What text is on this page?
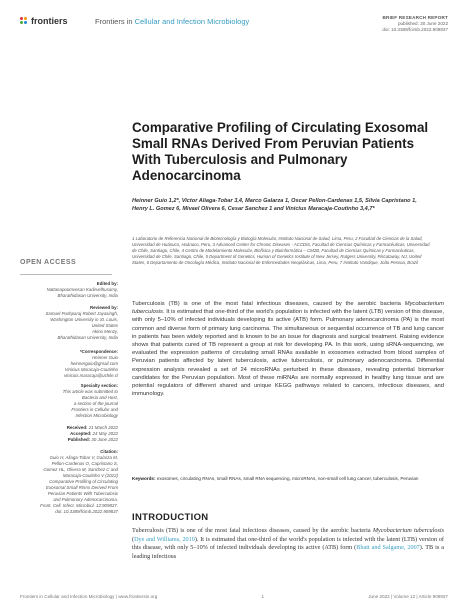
frontiers	Frontiers in Cellular and Infection Microbiology	BRIEF RESEARCH REPORT
published: 30 June 2022
doi: 10.3389/fcimb.2022.909837
Comparative Profiling of Circulating Exosomal Small RNAs Derived From Peruvian Patients With Tuberculosis and Pulmonary Adenocarcinoma
Heinner Guio 1,2*, Victor Aliaga-Tobar 3,4, Marco Galarza 1, Oscar Pellon-Cardenas 1,5, Silvia Capristano 1, Henry L. Gomez 6, Mivael Olivera 6, Cesar Sanchez 1 and Vinicius Maracaja-Coutinho 3,4,7*
1 Laboratorio de Referencia Nacional de Biotecnología y Biología Molecular, Instituto Nacional de Salud, Lima, Peru, 2 Facultad de Ciencias de la Salud, Universidad de Huánuco, Huánuco, Peru, 3 Advanced Center for Chronic Diseases - ACCDiS, Facultad de Ciencias Químicas y Farmacéuticas, Universidad de Chile, Santiago, Chile, 4 Centro de Modelamiento Molecular, Biofísica y Bioinformática – CM2B, Facultad de Ciencias Químicas y Farmacéuticas, Universidad de Chile, Santiago, Chile, 5 Department of Genetics, Human of Genetics Institute of New Jersey, Rutgers University, Piscataway, NJ, United States, 6 Departamento de Oncología Médica, Instituto Nacional de Enfermedades Neoplásicas, Lima, Peru, 7 Instituto Vandique, João Pessoa, Brazil
OPEN ACCESS
Edited by:
Nattanapoomvesan Kadirvelhusamy,
Bharathidasan University, India
Reviewed by:
Samuel Pushparaj Robert Jayasingh,
Washington University in St. Louis,
United States
Akino Menzy,
Bharathidasan University, India
*Correspondence:
Heinner Guio
heinnerguio@gmail.com
Vinicius Maracaja-Coutinho
vinicius.maracaja@uchile.cl
Specialty section:
This article was submitted to
Bacteria and Host,
a section of the journal
Frontiers in Cellular and
Infection Microbiology
Received: 21 March 2022
Accepted: 24 May 2022
Published: 30 June 2022
Citation:
Guio H, Aliaga-Tobar V, Galarza M,
Pellon-Cardenas O, Capristano S,
Gomez HL, Olivera M, Sanchez C and
Maracaja-Coutinho V (2022)
Comparative Profiling of Circulating
Exosomal Small RNAs Derived From
Peruvian Patients With Tuberculosis
and Pulmonary Adenocarcinoma.
Front. Cell. Infect. Microbiol. 12:909837.
doi: 10.3389/fcimb.2022.909837
Tuberculosis (TB) is one of the most fatal infectious diseases, caused by the aerobic bacteria Mycobacterium tuberculosis. It is estimated that one-third of the world's population is infected with the latent (LTB) version of this disease, with only 5–10% of infected individuals developing its active (ATB) form. Pulmonary adenocarcinoma (PA) is the most common and diverse form of primary lung carcinoma. The simultaneous or sequential occurrence of TB and lung cancer in patients has been widely reported and is known to be an issue for diagnosis and surgical treatment. Raising evidence shows that patients cured of TB represent a group at risk for developing PA. In this work, using sRNA-sequencing, we evaluated the expression patterns of circulating small RNAs available in exosomes extracted from blood samples of Peruvian patients affected by latent tuberculosis, active tuberculosis, or pulmonary adenocarcinoma. Differential expression analysis revealed a set of 24 microRNAs perturbed in these diseases, revealing potential biomarker candidates for the Peruvian population. Most of these miRNAs are normally expressed in healthy lung tissue and are potential regulators of different shared and unique KEGG pathways related to cancers, infectious diseases, and immunology.
Keywords: exosomes, circulating RNAs, small RNAs, small RNA sequencing, microRNAs, non-small cell lung cancer, tuberculosis, Peruvian
INTRODUCTION
Tuberculosis (TB) is one of the most fatal infectious diseases, caused by the aerobic bacteria Mycobacterium tuberculosis (Dye and Williams, 2010). It is estimated that one-third of the world's population is infected with the latent (LTB) version of this disease, with only 5–10% of infected individuals developing its active (ATB) form (Bhatt and Salgame, 2007). TB is a leading infectious
Frontiers in Cellular and Infection Microbiology | www.frontiersin.org	1	June 2022 | Volume 12 | Article 909837
